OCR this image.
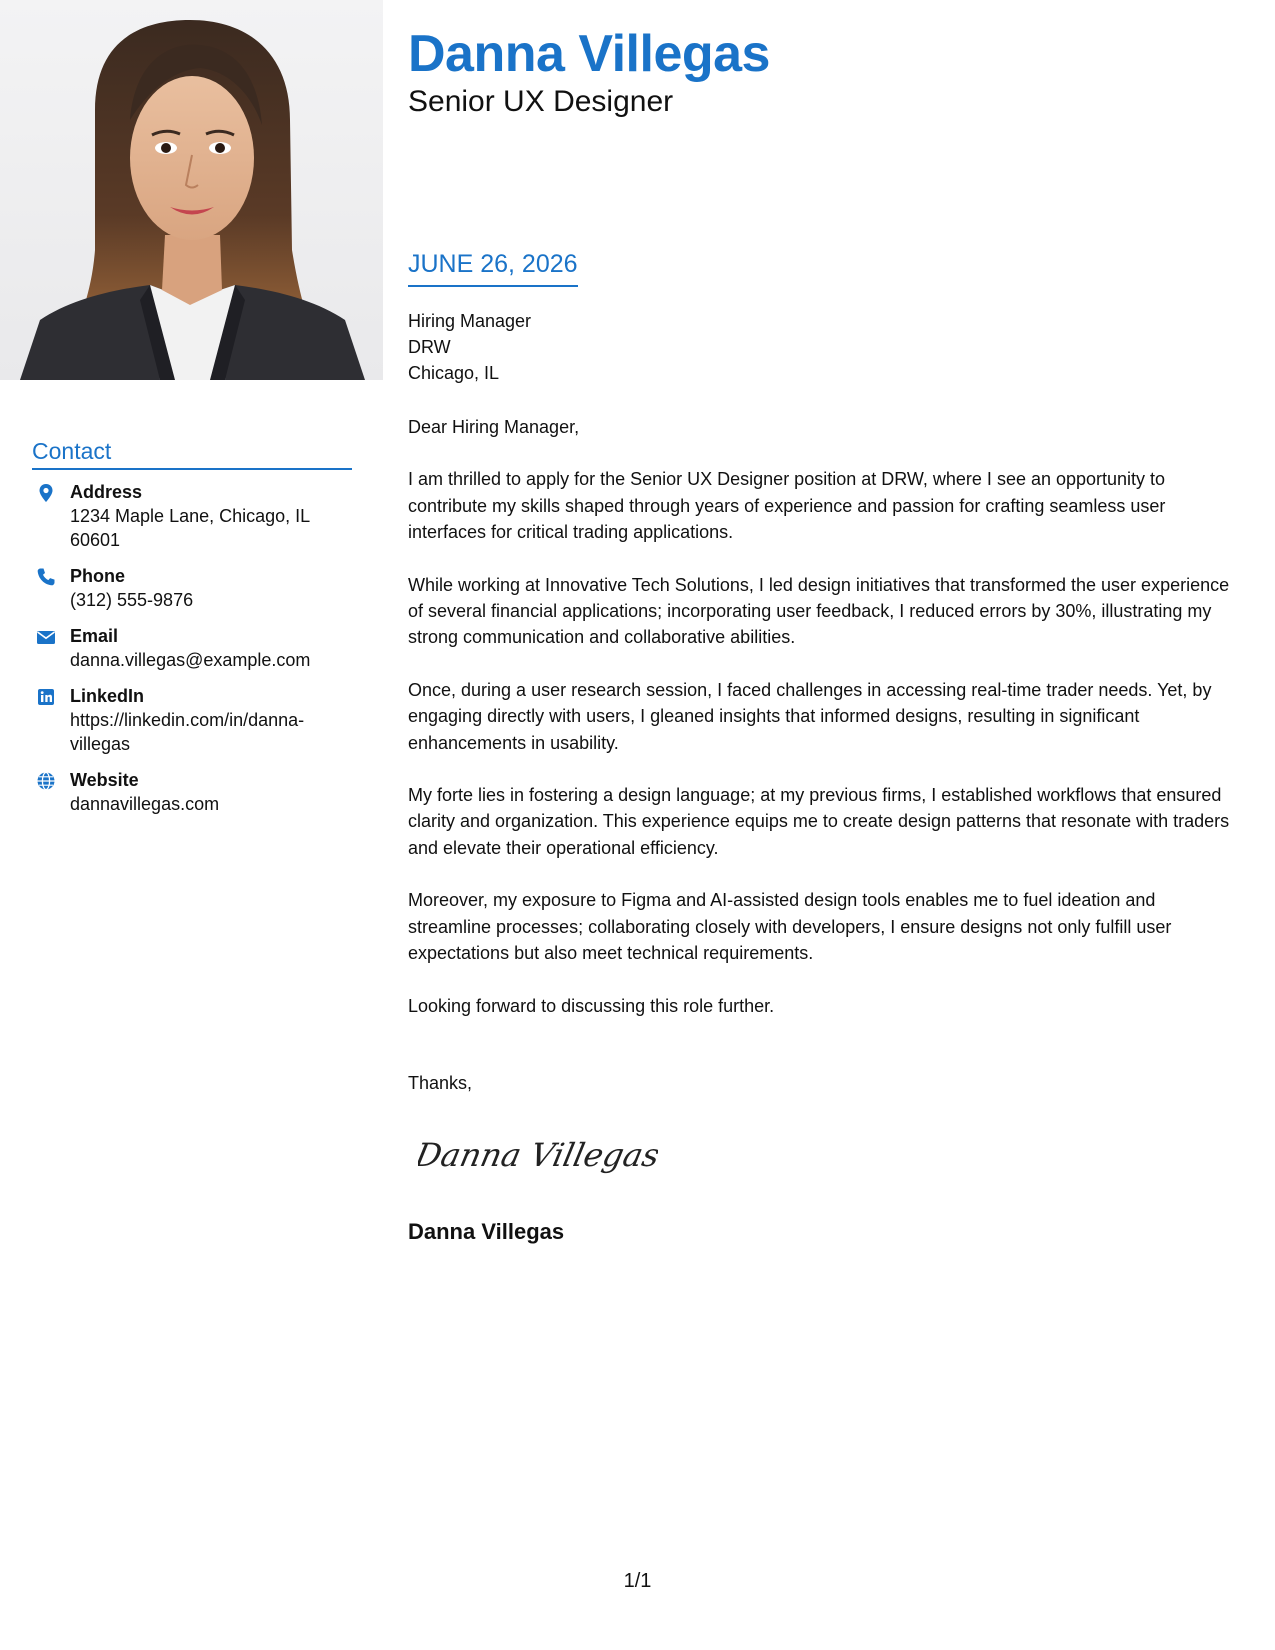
Danna Villegas
Senior UX Designer
Contact
Address
1234 Maple Lane, Chicago, IL 60601
Phone
(312) 555-9876
Email
danna.villegas@example.com
LinkedIn
https://linkedin.com/in/danna-villegas
Website
dannavillegas.com
JUNE 26, 2026
Hiring Manager
DRW
Chicago, IL

Dear Hiring Manager,

I am thrilled to apply for the Senior UX Designer position at DRW, where I see an opportunity to contribute my skills shaped through years of experience and passion for crafting seamless user interfaces for critical trading applications.

While working at Innovative Tech Solutions, I led design initiatives that transformed the user experience of several financial applications; incorporating user feedback, I reduced errors by 30%, illustrating my strong communication and collaborative abilities.

Once, during a user research session, I faced challenges in accessing real-time trader needs. Yet, by engaging directly with users, I gleaned insights that informed designs, resulting in significant enhancements in usability.

My forte lies in fostering a design language; at my previous firms, I established workflows that ensured clarity and organization. This experience equips me to create design patterns that resonate with traders and elevate their operational efficiency.

Moreover, my exposure to Figma and AI-assisted design tools enables me to fuel ideation and streamline processes; collaborating closely with developers, I ensure designs not only fulfill user expectations but also meet technical requirements.

Looking forward to discussing this role further.

Thanks,
Danna Villegas
Danna Villegas
1/1
